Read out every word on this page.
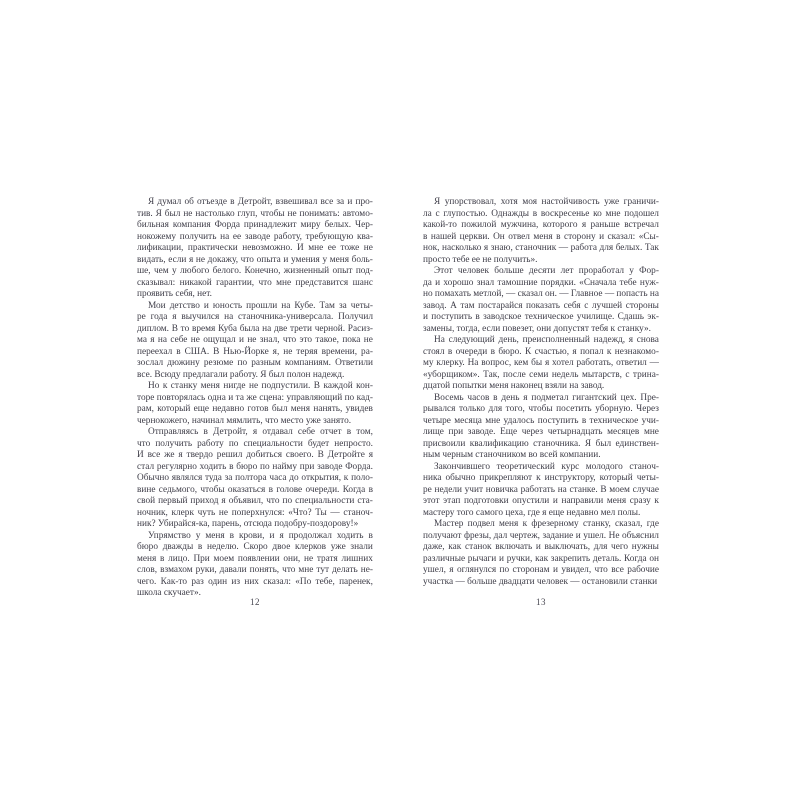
Я думал об отъезде в Детройт, взвешивал все за и про-
тив. Я был не настолько глуп, чтобы не понимать: автомо-
бильная компания Форда принадлежит миру белых. Чер-
нокожему получить на ее заводе работу, требующую ква-
лификации, практически невозможно. И мне ее тоже не
видать, если я не докажу, что опыта и умения у меня боль-
ше, чем у любого белого. Конечно, жизненный опыт под-
сказывал: никакой гарантии, что мне представится шанс
проявить себя, нет.
Мои детство и юность прошли на Кубе. Там за четы-
ре года я выучился на станочника-универсала. Получил
диплом. В то время Куба была на две трети черной. Расиз-
ма я на себе не ощущал и не знал, что это такое, пока не
переехал в США. В Нью-Йорке я, не теряя времени, ра-
зослал дюжину резюме по разным компаниям. Ответили
все. Всюду предлагали работу. Я был полон надежд.
Но к станку меня нигде не подпустили. В каждой кон-
торе повторялась одна и та же сцена: управляющий по кад-
рам, который еще недавно готов был меня нанять, увидев
чернокожего, начинал мямлить, что место уже занято.
Отправляясь в Детройт, я отдавал себе отчет в том,
что получить работу по специальности будет непросто.
И все же я твердо решил добиться своего. В Детройте я
стал регулярно ходить в бюро по найму при заводе Форда.
Обычно являлся туда за полтора часа до открытия, к поло-
вине седьмого, чтобы оказаться в голове очереди. Когда в
свой первый приход я объявил, что по специальности ста-
ночник, клерк чуть не поперхнулся: «Что? Ты — станоч-
ник? Убирайся-ка, парень, отсюда подобру-поздорову!»
Упрямство у меня в крови, и я продолжал ходить в
бюро дважды в неделю. Скоро двое клерков уже знали
меня в лицо. При моем появлении они, не тратя лишних
слов, взмахом руки, давали понять, что мне тут делать не-
чего. Как-то раз один из них сказал: «По тебе, паренек,
школа скучает».
Я упорствовал, хотя моя настойчивость уже граничи-
ла с глупостью. Однажды в воскресенье ко мне подошел
какой-то пожилой мужчина, которого я раньше встречал
в нашей церкви. Он отвел меня в сторону и сказал: «Сы-
нок, насколько я знаю, станочник — работа для белых. Так
просто тебе ее не получить».
Этот человек больше десяти лет проработал у Фор-
да и хорошо знал тамошние порядки. «Сначала тебе нуж-
но помахать метлой, — сказал он. — Главное — попасть на
завод. А там постарайся показать себя с лучшей стороны
и поступить в заводское техническое училище. Сдашь эк-
замены, тогда, если повезет, они допустят тебя к станку».
На следующий день, преисполненный надежд, я снова
стоял в очереди в бюро. К счастью, я попал к незнакомо-
му клерку. На вопрос, кем бы я хотел работать, ответил —
«уборщиком». Так, после семи недель мытарств, с трина-
дцатой попытки меня наконец взяли на завод.
Восемь часов в день я подметал гигантский цех. Пре-
рывался только для того, чтобы посетить уборную. Через
четыре месяца мне удалось поступить в техническое учи-
лище при заводе. Еще через четырнадцать месяцев мне
присвоили квалификацию станочника. Я был единствен-
ным черным станочником во всей компании.
Закончившего теоретический курс молодого станоч-
ника обычно прикрепляют к инструктору, который четы-
ре недели учит новичка работать на станке. В моем случае
этот этап подготовки опустили и направили меня сразу к
мастеру того самого цеха, где я еще недавно мел полы.
Мастер подвел меня к фрезерному станку, сказал, где
получают фрезы, дал чертеж, задание и ушел. Не объяснил
даже, как станок включать и выключать, для чего нужны
различные рычаги и ручки, как закрепить деталь. Когда он
ушел, я оглянулся по сторонам и увидел, что все рабочие
участка — больше двадцати человек — остановили станки
12	13
